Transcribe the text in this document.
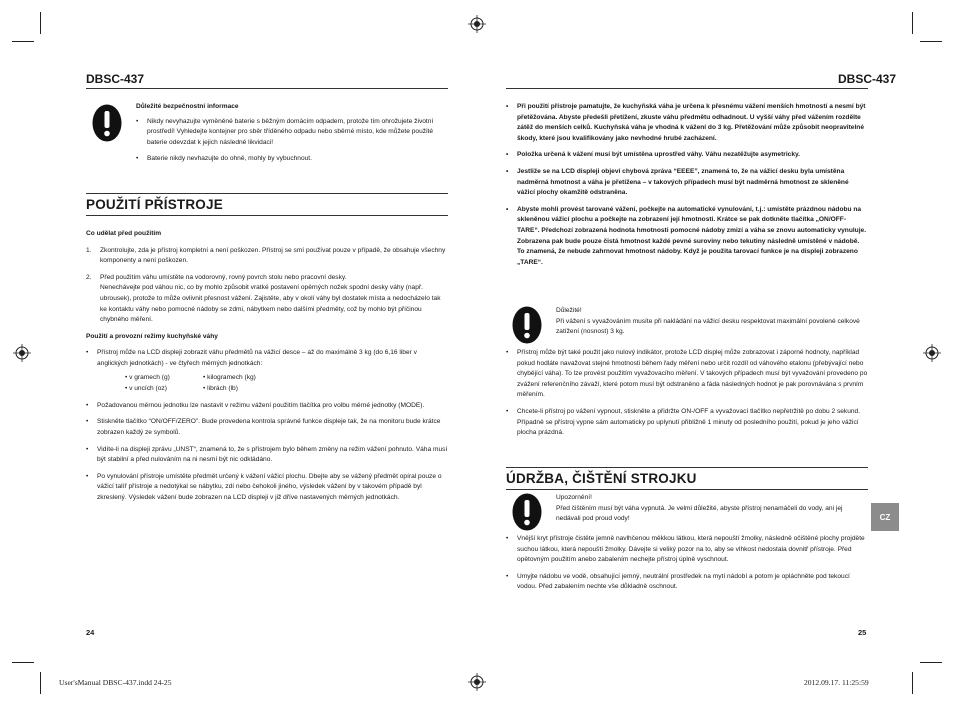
DBSC-437	DBSC-437
Důležité bezpečnostní informace
• Nikdy nevyhazujte vyměněné baterie s běžným domácím odpadem, protože tím ohrožujete životní prostředí! Vyhledejte kontejner pro sběr tříděného odpadu nebo sběrné místo, kde můžete použité baterie odevzdat k jejich následné likvidaci!
• Baterie nikdy nevhazujte do ohně, mohly by vybuchnout.
POUŽITÍ PŘÍSTROJE
Co udělat před použitím
1. Zkontrolujte, zda je přístroj kompletní a není poškozen. Přístroj se smí používat pouze v případě, že obsahuje všechny komponenty a není poškozen.
2. Před použitím váhu umístěte na vodorovný, rovný povrch stolu nebo pracovní desky.
Nenechávejte pod váhou nic, co by mohlo způsobit vratké postavení opěrných nožek spodní desky váhy (např. ubrousek), protože to může ovlivnit přesnost vážení. Zajistěte, aby v okolí váhy byl dostatek místa a nedocházelo tak ke kontaktu váhy nebo pomocné nádoby se zdmi, nábytkem nebo dalšími předměty, což by mohlo být příčinou chybného měření.
Použití a provozní režimy kuchyňské váhy
• Přístroj může na LCD displeji zobrazit váhu předmětů na vážicí desce – až do maximálně 3 kg (do 6,16 liber v anglických jednotkách) - ve čtyřech měrných jednotkách:
• v gramech (g)	• kilogramech (kg)
• v uncích (oz)	• librách (lb)
• Požadovanou měrnou jednotku lze nastavit v režimu vážení použitím tlačítka pro volbu měrné jednotky (MODE).
• Stiskněte tlačítko “ON/OFF/ZERO”. Bude provedena kontrola správné funkce displeje tak, že na monitoru bude krátce zobrazen každý ze symbolů.
• Vidíte-li na displeji zprávu „UNST“, znamená to, že s přístrojem bylo během změny na režim vážení pohnuto. Váha musí být stabilní a před nulováním na ni nesmí být nic odkládáno.
• Po vynulování přístroje umístěte předmět určený k vážení vážicí plochu. Dbejte aby se vážený předmět opíral pouze o vážicí talíř přístroje a nedotýkal se nábytku, zdí nebo čehokoli jiného, výsledek vážení by v takovém případě byl zkreslený. Výsledek vážení bude zobrazen na LCD displeji v již dříve nastavených měrných jednotkách.
24
• Při použití přístroje pamatujte, že kuchyňská váha je určena k přesnému vážení menších hmotností a nesmí být přetěžována. Abyste předešli přetížení, zkuste váhu předmětu odhadnout. U vyšší váhy před vážením rozdělte zátěž do menších celků. Kuchyňská váha je vhodná k vážení do 3 kg. Přetěžování může způsobit neopravitelné škody, které jsou kvalifikovány jako nevhodné hrubé zacházení.
• Položka určená k vážení musí být umístěna uprostřed váhy. Váhu nezatěžujte asymetricky.
• Jestliže se na LCD displeji objeví chybová zpráva “EEEE”, znamená to, že na vážicí desku byla umístěna nadměrná hmotnost a váha je přetížena – v takových případech musí být nadměrná hmotnost ze skleněné vážicí plochy okamžitě odstraněna.
• Abyste mohli provést tarované vážení, počkejte na automatické vynulování, t.j.: umístěte prázdnou nádobu na skleněnou vážicí plochu a počkejte na zobrazení její hmotnosti. Krátce se pak dotkněte tlačítka „ON/OFF-TARE“. Předchozí zobrazená hodnota hmotnosti pomocné nádoby zmizí a váha se znovu automaticky vynuluje. Zobrazena pak bude pouze čistá hmotnost každé pevné suroviny nebo tekutiny následně umístěné v nádobě. To znamená, že nebude zahrnovat hmotnost nádoby. Když je použita tarovací funkce je na displeji zobrazeno „TARE“.
Důležité!
Při vážení s vyvažováním musíte při nakládání na vážicí desku respektovat maximální povolené celkové zatížení (nosnost) 3 kg.
• Přístroj může být také použit jako nulový indikátor, protože LCD displej může zobrazovat i záporné hodnoty, například pokud hodláte navažovat stejné hmotnosti během řady měření nebo určit rozdíl od váhového etalonu (přebývající nebo chybějící váha). To lze provést použitím vyvažovacího měření. V takových případech musí být vyvažování provedeno po zvážení referenčního závaží, které potom musí být odstraněno a fáda následných hodnot je pak porovnávána s prvním měřením.
• Chcete-li přístroj po vážení vypnout, stiskněte a přidržte ON-/OFF a vyvažovací tlačítko nepřetržitě po dobu 2 sekund. Případně se přístroj vypne sám automaticky po uplynutí přibližně 1 minuty od posledního použití, pokud je jeho vážicí plocha prázdná.
ÚDRŽBA, ČIŠTĚNÍ STROJKU
Upozornění!
Před čištěním musí být váha vypnutá. Je velmi důležité, abyste přístroj nenamáčeli do vody, ani jej nedávali pod proud vody!
• Vnější kryt přístroje čistěte jemně navlhčenou měkkou látkou, která nepouští žmolky, následně očištěné plochy projděte suchou látkou, která nepouští žmolky. Dávejte si veliký pozor na to, aby se vlhkost nedostala dovnitř přístroje. Před opětovným použitím anebo zabalením nechejte přístroj úplně vyschnout.
• Umyjte nádobu ve vodě, obsahující jemný, neutrální prostředek na mytí nádobí a potom je opláchněte pod tekoucí vodou. Před zabalením nechte vše důkladně oschnout.
CZ
25
User'sManual DBSC-437.indd 24-25	2012.09.17. 11:25:59
